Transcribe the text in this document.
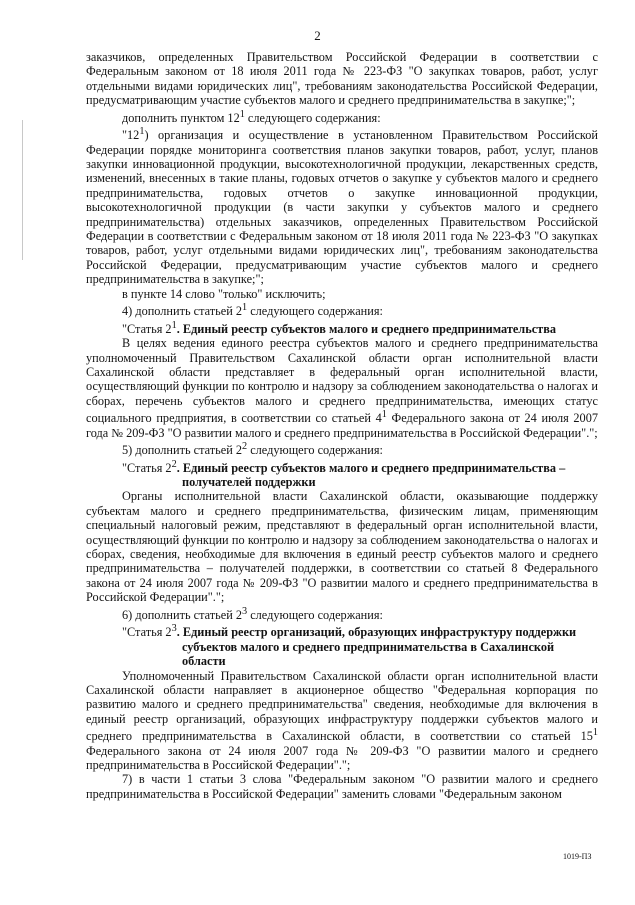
2

заказчиков, определенных Правительством Российской Федерации в соответствии с Федеральным законом от 18 июля 2011 года № 223-ФЗ "О закупках товаров, работ, услуг отдельными видами юридических лиц", требованиям законодательства Российской Федерации, предусматривающим участие субъектов малого и среднего предпринимательства в закупке;";

дополнить пунктом $12^1$ следующего содержания:

"$12^1$) организация и осуществление в установленном Правительством Российской Федерации порядке мониторинга соответствия планов закупки товаров, работ, услуг, планов закупки инновационной продукции, высокотехнологичной продукции, лекарственных средств, изменений, внесенных в такие планы, годовых отчетов о закупке у субъектов малого и среднего предпринимательства, годовых отчетов о закупке инновационной продукции, высокотехнологичной продукции (в части закупки у субъектов малого и среднего предпринимательства) отдельных заказчиков, определенных Правительством Российской Федерации в соответствии с Федеральным законом от 18 июля 2011 года № 223-ФЗ "О закупках товаров, работ, услуг отдельными видами юридических лиц", требованиям законодательства Российской Федерации, предусматривающим участие субъектов малого и среднего предпринимательства в закупке;";

в пункте 14 слово "только" исключить;

4) дополнить статьей $2^1$ следующего содержания:

"Статья $2^1$. Единый реестр субъектов малого и среднего предпринимательства

В целях ведения единого реестра субъектов малого и среднего предпринимательства уполномоченный Правительством Сахалинской области орган исполнительной власти Сахалинской области представляет в федеральный орган исполнительной власти, осуществляющий функции по контролю и надзору за соблюдением законодательства о налогах и сборах, перечень субъектов малого и среднего предпринимательства, имеющих статус социального предприятия, в соответствии со статьей $4^1$ Федерального закона от 24 июля 2007 года № 209-ФЗ "О развитии малого и среднего предпринимательства в Российской Федерации".";

5) дополнить статьей $2^2$ следующего содержания:

"Статья $2^2$. Единый реестр субъектов малого и среднего предпринимательства –

получателей поддержки

Органы исполнительной власти Сахалинской области, оказывающие поддержку субъектам малого и среднего предпринимательства, физическим лицам, применяющим специальный налоговый режим, представляют в федеральный орган исполнительной власти, осуществляющий функции по контролю и надзору за соблюдением законодательства о налогах и сборах, сведения, необходимые для включения в единый реестр субъектов малого и среднего предпринимательства – получателей поддержки, в соответствии со статьей 8 Федерального закона от 24 июля 2007 года № 209-ФЗ "О развитии малого и среднего предпринимательства в Российской Федерации".";

6) дополнить статьей $2^3$ следующего содержания:

"Статья $2^3$. Единый реестр организаций, образующих инфраструктуру поддержки

субъектов малого и среднего предпринимательства в Сахалинской области

Уполномоченный Правительством Сахалинской области орган исполнительной власти Сахалинской области направляет в акционерное общество "Федеральная корпорация по развитию малого и среднего предпринимательства" сведения, необходимые для включения в единый реестр организаций, образующих инфраструктуру поддержки субъектов малого и среднего предпринимательства в Сахалинской области, в соответствии со статьей $15^1$ Федерального закона от 24 июля 2007 года № 209-ФЗ "О развитии малого и среднего предпринимательства в Российской Федерации".";

7) в части 1 статьи 3 слова "Федеральным законом "О развитии малого и среднего предпринимательства в Российской Федерации" заменить словами "Федеральным законом

1019-ПЗ
